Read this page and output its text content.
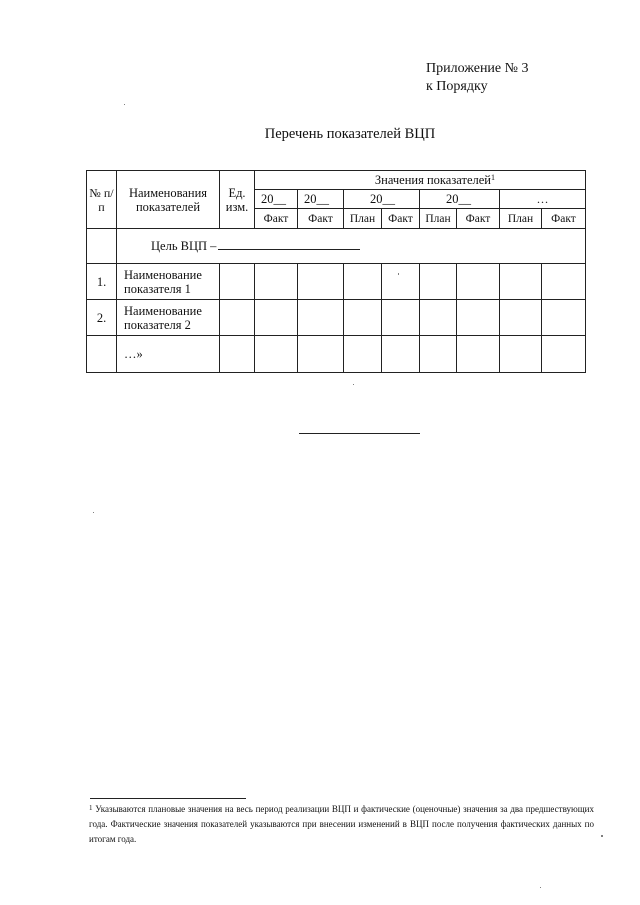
Приложение № 3
к Порядку
Перечень показателей ВЦП
№ п/п	Наименования показателей	Ед. изм.	Значения показателей$^1$
			20__	20__	20__		20__		…	
			Факт	Факт	План	Факт	План	Факт	План	Факт
	Цель ВЦП –									
1.	Наименование показателя 1									
2.	Наименование показателя 2									
	…»									
$^1$ Указываются плановые значения на весь период реализации ВЦП и фактические (оценочные) значения за два предшествующих года. Фактические значения показателей указываются при внесении изменений в ВЦП после получения фактических данных по итогам года.
